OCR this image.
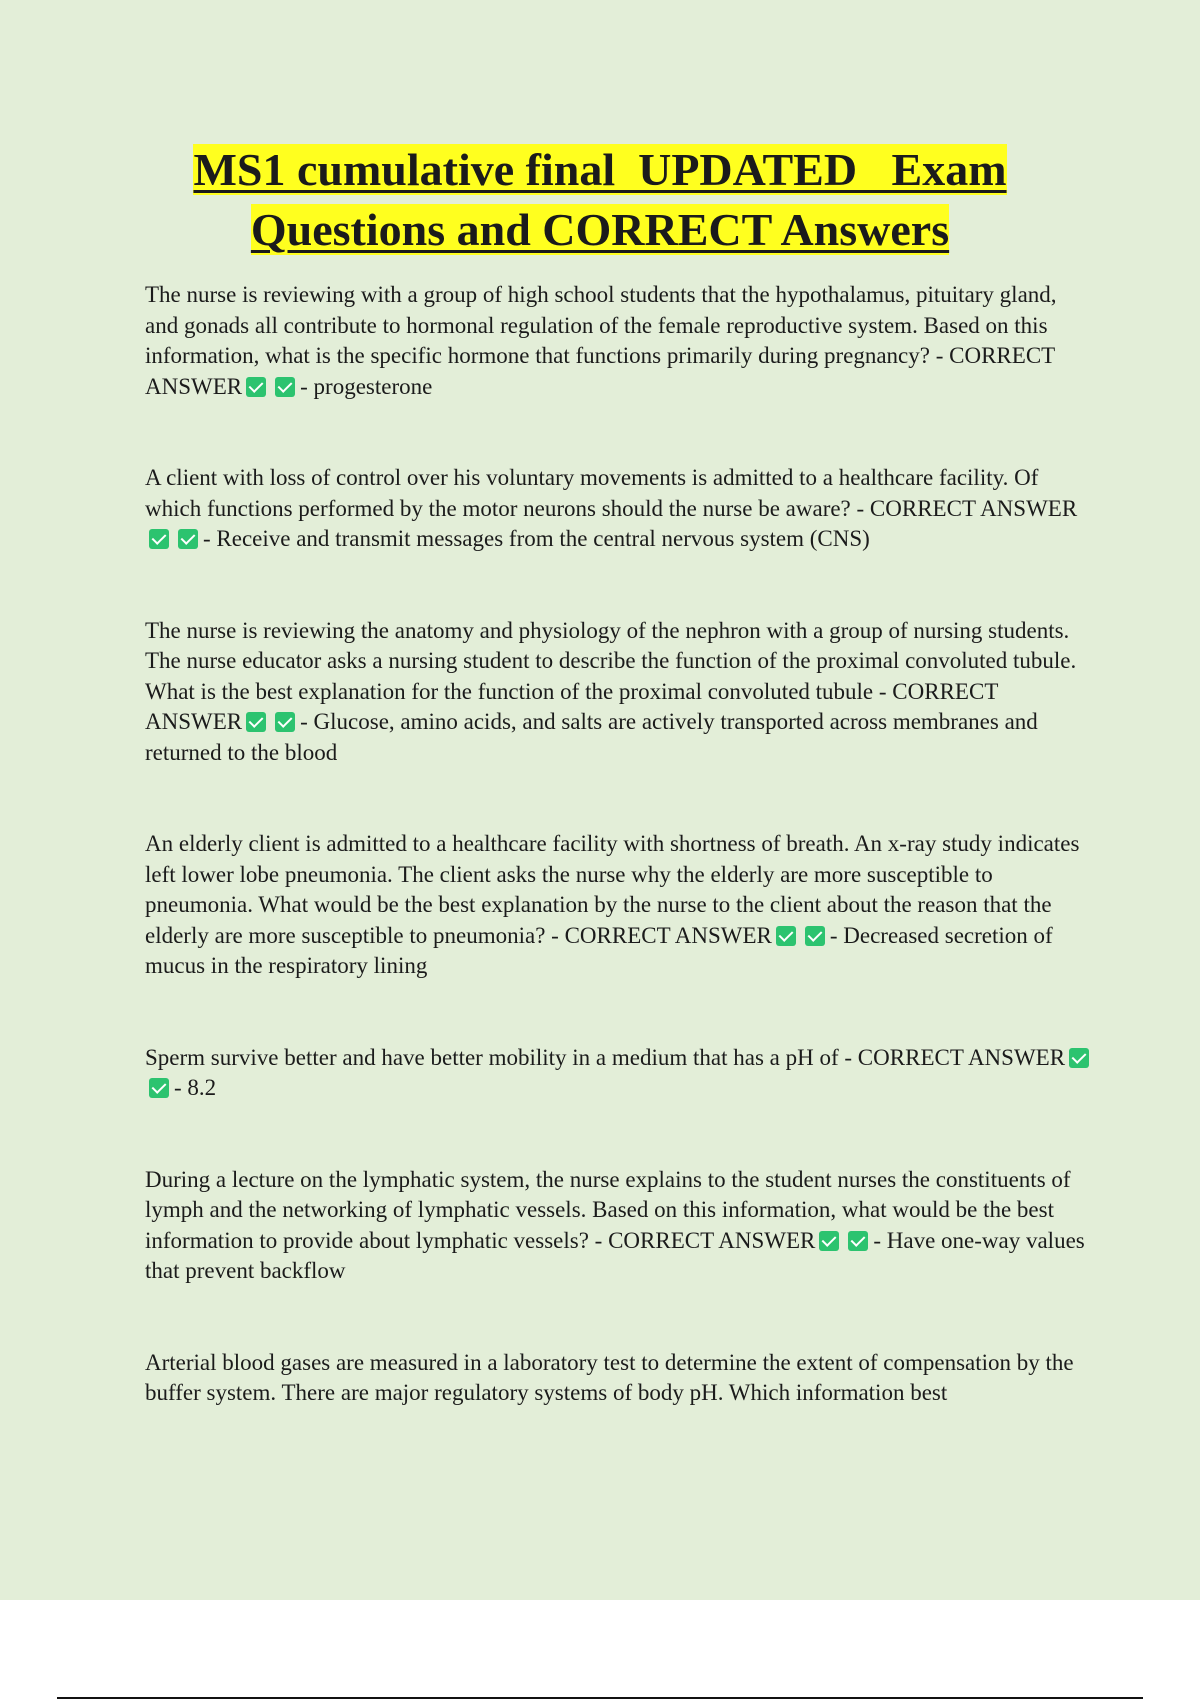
MS1 cumulative final  UPDATED   Exam
Questions and CORRECT Answers

The nurse is reviewing with a group of high school students that the hypothalamus, pituitary gland, and gonads all contribute to hormonal regulation of the female reproductive system. Based on this information, what is the specific hormone that functions primarily during pregnancy? - CORRECT ANSWER	- progesterone

A client with loss of control over his voluntary movements is admitted to a healthcare facility. Of which functions performed by the motor neurons should the nurse be aware? - CORRECT ANSWER- Receive and transmit messages from the central nervous system (CNS)

The nurse is reviewing the anatomy and physiology of the nephron with a group of nursing students. The nurse educator asks a nursing student to describe the function of the proximal convoluted tubule. What is the best explanation for the function of the proximal convoluted tubule - CORRECT ANSWER	- Glucose, amino acids, and salts are actively transported across membranes and returned to the blood

An elderly client is admitted to a healthcare facility with shortness of breath. An x-ray study indicates left lower lobe pneumonia. The client asks the nurse why the elderly are more susceptible to pneumonia. What would be the best explanation by the nurse to the client about the reason that the elderly are more susceptible to pneumonia? - CORRECT ANSWER	- Decreased secretion of mucus in the respiratory lining

Sperm survive better and have better mobility in a medium that has a pH of - CORRECT ANSWER- 8.2

During a lecture on the lymphatic system, the nurse explains to the student nurses the constituents of lymph and the networking of lymphatic vessels. Based on this information, what would be the best information to provide about lymphatic vessels? - CORRECT ANSWER	- Have one-way values that prevent backflow

Arterial blood gases are measured in a laboratory test to determine the extent of compensation by the buffer system. There are major regulatory systems of body pH. Which information best
